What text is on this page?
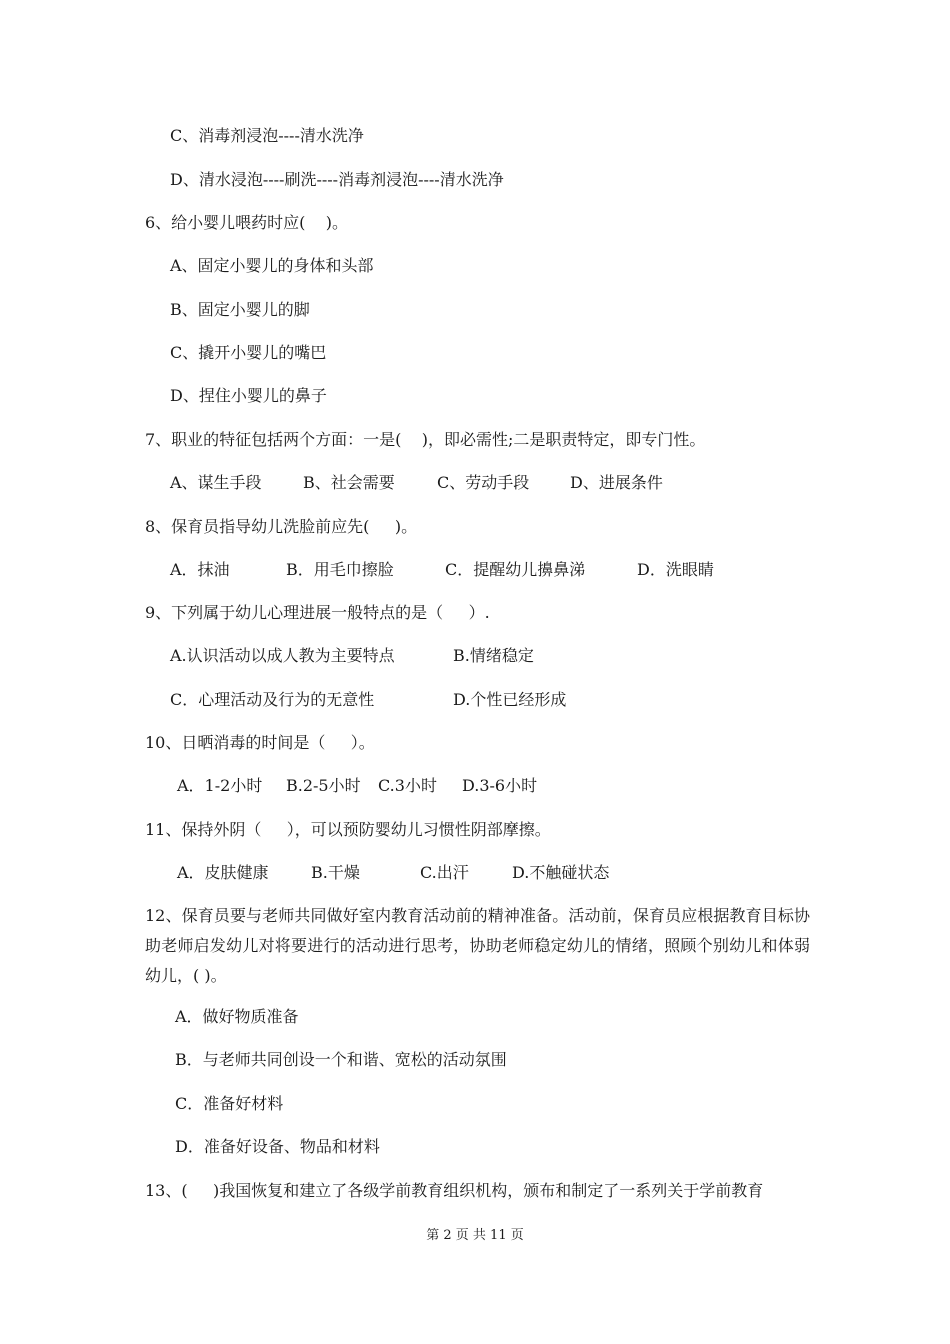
C、消毒剂浸泡----清水洗净
D、清水浸泡----刷洗----消毒剂浸泡----清水洗净
6、给小婴儿喂药时应(    )。
A、固定小婴儿的身体和头部
B、固定小婴儿的脚
C、撬开小婴儿的嘴巴
D、捏住小婴儿的鼻子
7、职业的特征包括两个方面：一是(    )，即必需性;二是职责特定，即专门性。

A、谋生手段

	B、社会需要

	C、劳动手段

	D、进展条件

8、保育员指导幼儿洗脸前应先(     )。

A．抹油

	B．用毛巾擦脸

	C．提醒幼儿擤鼻涕

	D．洗眼睛

9、下列属于幼儿心理进展一般特点的是（     ）.

A.认识活动以成人教为主要特点

	B.情绪稳定

C．心理活动及行为的无意性

	D.个性已经形成

10、日晒消毒的时间是（     ）。

A．1-2小时

B.2-5小时

C.3小时

D.3-6小时

11、保持外阴（     ），可以预防婴幼儿习惯性阴部摩擦。

A．皮肤健康

	B.干燥

	C.出汗

	D.不触碰状态

12、保育员要与老师共同做好室内教育活动前的精神准备。活动前，保育员应根据教育目标协助老师启发幼儿对将要进行的活动进行思考，协助老师稳定幼儿的情绪，照顾个别幼儿和体弱幼儿，( )。
A．做好物质准备
B．与老师共同创设一个和谐、宽松的活动氛围
C．准备好材料
D．准备好设备、物品和材料
13、(     )我国恢复和建立了各级学前教育组织机构，颁布和制定了一系列关于学前教育
第 2 页 共 11 页
